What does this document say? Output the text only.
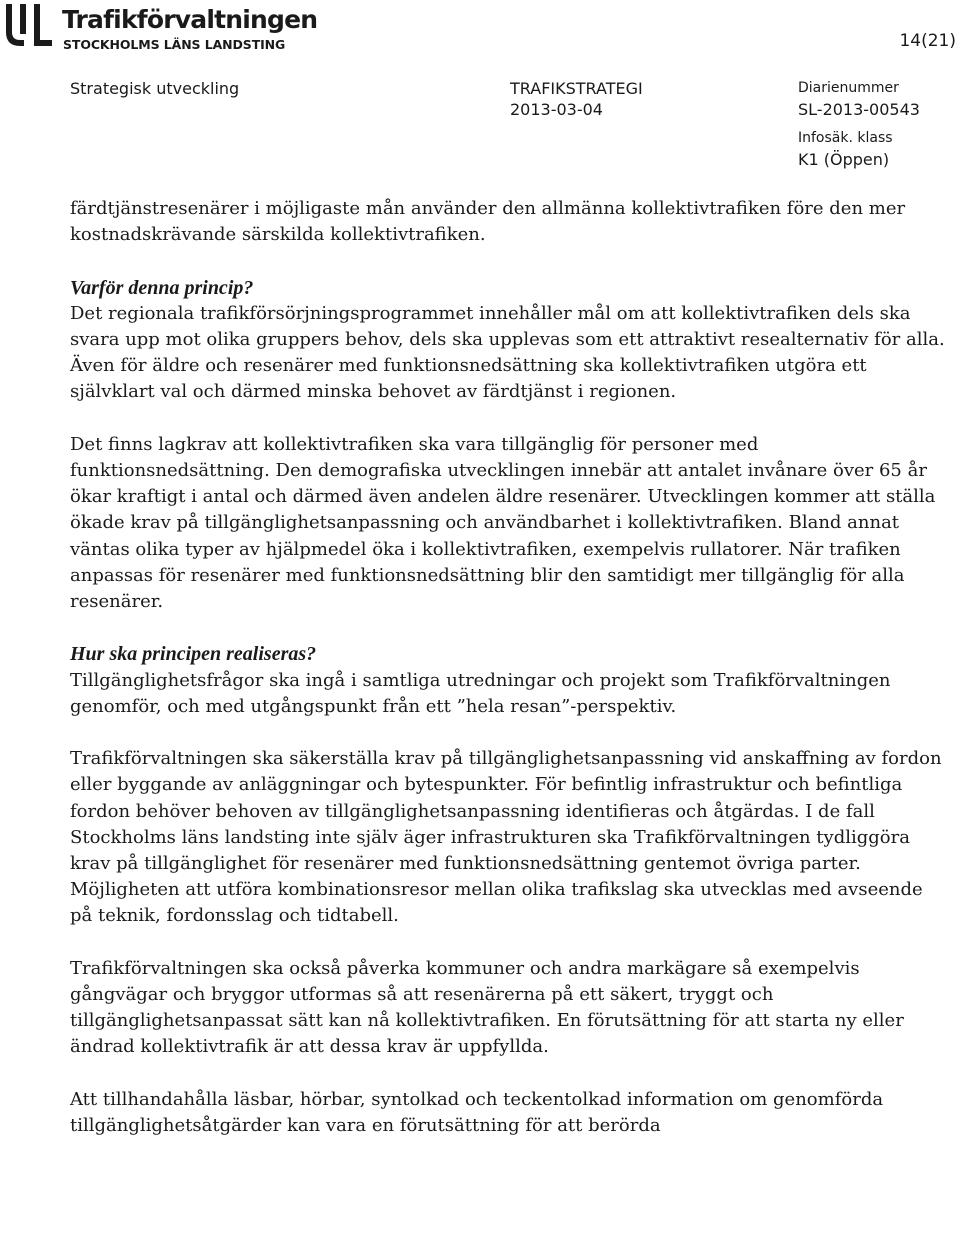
Trafikförvaltningen
STOCKHOLMS LÄNS LANDSTING	14(21)
Strategisk utveckling	TRAFIKSTRATEGI
2013-03-04
Diarienummer
SL-2013-00543
Infosäk. klass
K1 (Öppen)

färdtjänstresenärer i möjligaste mån använder den allmänna kollektivtrafiken före den mer kostnadskrävande särskilda kollektivtrafiken.

Varför denna princip?

Det regionala trafikförsörjningsprogrammet innehåller mål om att kollektivtrafiken dels ska svara upp mot olika gruppers behov, dels ska upplevas som ett attraktivt resealternativ för alla. Även för äldre och resenärer med funktionsnedsättning ska kollektivtrafiken utgöra ett självklart val och därmed minska behovet av färdtjänst i regionen.

Det finns lagkrav att kollektivtrafiken ska vara tillgänglig för personer med funktionsnedsättning. Den demografiska utvecklingen innebär att antalet invånare över 65 år ökar kraftigt i antal och därmed även andelen äldre resenärer. Utvecklingen kommer att ställa ökade krav på tillgänglighetsanpassning och användbarhet i kollektivtrafiken. Bland annat väntas olika typer av hjälpmedel öka i kollektivtrafiken, exempelvis rullatorer. När trafiken anpassas för resenärer med funktionsnedsättning blir den samtidigt mer tillgänglig för alla resenärer.

Hur ska principen realiseras?

Tillgänglighetsfrågor ska ingå i samtliga utredningar och projekt som Trafikförvaltningen genomför, och med utgångspunkt från ett ”hela resan”-perspektiv.

Trafikförvaltningen ska säkerställa krav på tillgänglighetsanpassning vid anskaffning av fordon eller byggande av anläggningar och bytespunkter. För befintlig infrastruktur och befintliga fordon behöver behoven av tillgänglighetsanpassning identifieras och åtgärdas. I de fall Stockholms läns landsting inte själv äger infrastrukturen ska Trafikförvaltningen tydliggöra krav på tillgänglighet för resenärer med funktionsnedsättning gentemot övriga parter. Möjligheten att utföra kombinationsresor mellan olika trafikslag ska utvecklas med avseende på teknik, fordonsslag och tidtabell.

Trafikförvaltningen ska också påverka kommuner och andra markägare så exempelvis gångvägar och bryggor utformas så att resenärerna på ett säkert, tryggt och tillgänglighetsanpassat sätt kan nå kollektivtrafiken. En förutsättning för att starta ny eller ändrad kollektivtrafik är att dessa krav är uppfyllda.

Att tillhandahålla läsbar, hörbar, syntolkad och teckentolkad information om genomförda tillgänglighetsåtgärder kan vara en förutsättning för att berörda
